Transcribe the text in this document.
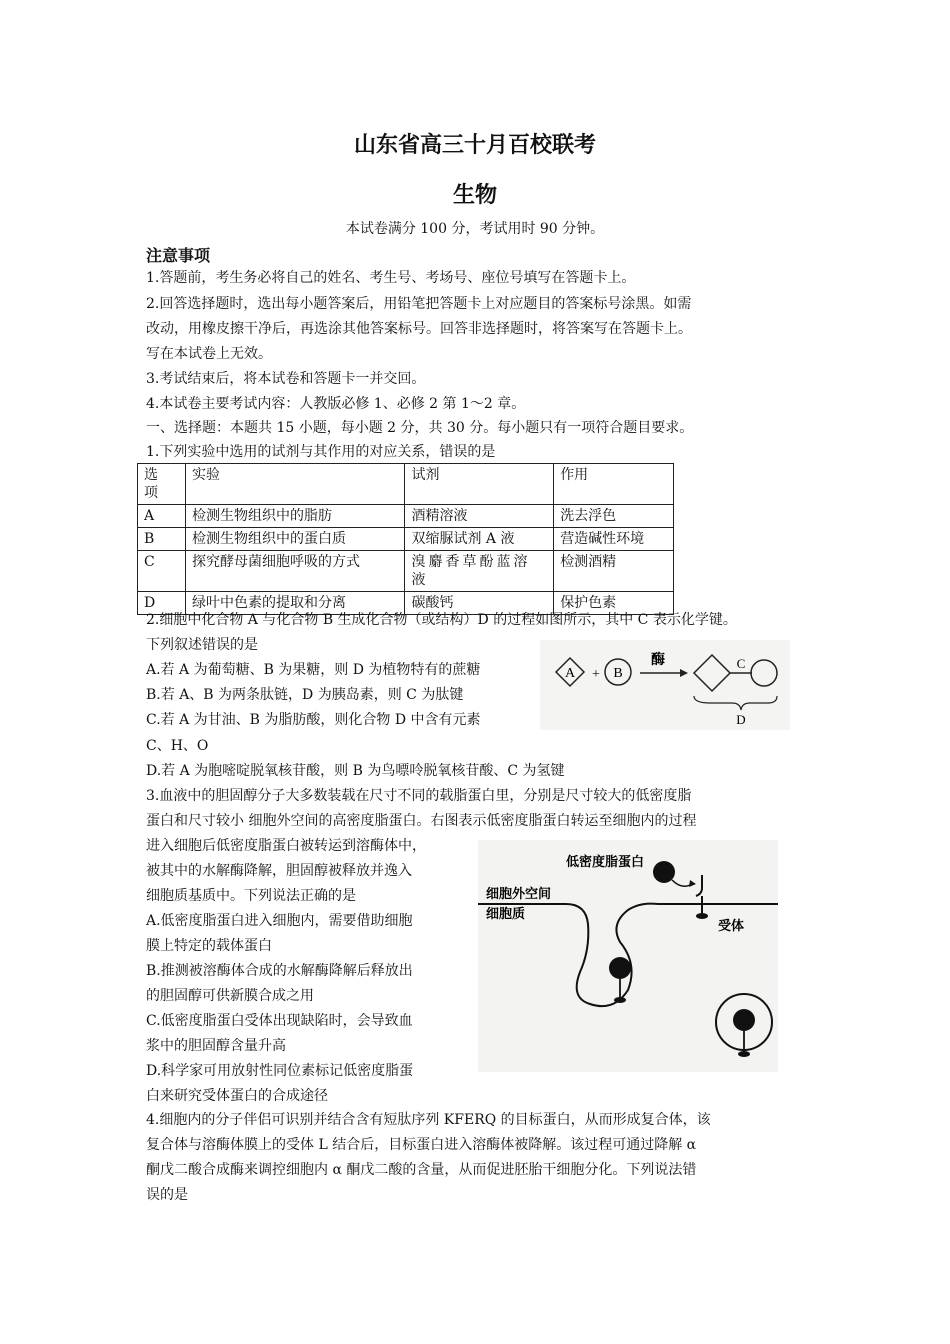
山东省高三十月百校联考
生物
本试卷满分 100 分，考试用时 90 分钟。
注意事项
1.答题前，考生务必将自己的姓名、考生号、考场号、座位号填写在答题卡上。
2.回答选择题时，选出每小题答案后，用铅笔把答题卡上对应题目的答案标号涂黑。如需
改动，用橡皮擦干净后，再选涂其他答案标号。回答非选择题时，将答案写在答题卡上。
写在本试卷上无效。
3.考试结束后，将本试卷和答题卡一并交回。
4.本试卷主要考试内容：人教版必修 1、必修 2 第 1～2 章。
一、选择题：本题共 15 小题，每小题 2 分，共 30 分。每小题只有一项符合题目要求。
1.下列实验中选用的试剂与其作用的对应关系，错误的是
选项	实验	试剂	作用
A	检测生物组织中的脂肪	酒精溶液	洗去浮色
B	检测生物组织中的蛋白质	双缩脲试剂 A 液	营造碱性环境
C	探究酵母菌细胞呼吸的方式	溴麝香草酚蓝溶液	检测酒精
D	绿叶中色素的提取和分离	碳酸钙	保护色素
2.细胞中化合物 A 与化合物 B 生成化合物（或结构）D 的过程如图所示，其中 C 表示化学键。
下列叙述错误的是
A.若 A 为葡萄糖、B 为果糖，则 D 为植物特有的蔗糖
B.若 A、B 为两条肽链，D 为胰岛素，则 C 为肽键
C.若 A 为甘油、B 为脂肪酸，则化合物 D 中含有元素
C、H、O
D.若 A 为胞嘧啶脱氧核苷酸，则 B 为鸟嘌呤脱氧核苷酸、C 为氢键
A + B
酶	C
D
3.血液中的胆固醇分子大多数装载在尺寸不同的载脂蛋白里，分别是尺寸较大的低密度脂
蛋白和尺寸较小 细胞外空间的高密度脂蛋白。右图表示低密度脂蛋白转运至细胞内的过程
进入细胞后低密度脂蛋白被转运到溶酶体中，
被其中的水解酶降解，胆固醇被释放并逸入
细胞质基质中。下列说法正确的是
A.低密度脂蛋白进入细胞内，需要借助细胞
膜上特定的载体蛋白
B.推测被溶酶体合成的水解酶降解后释放出
的胆固醇可供新膜合成之用
C.低密度脂蛋白受体出现缺陷时，会导致血
浆中的胆固醇含量升高
D.科学家可用放射性同位素标记低密度脂蛋
白来研究受体蛋白的合成途径
低密度脂蛋白
细胞外空间
细胞质
受体
4.细胞内的分子伴侣可识别并结合含有短肽序列 KFERQ 的目标蛋白，从而形成复合体，该
复合体与溶酶体膜上的受体 L 结合后，目标蛋白进入溶酶体被降解。该过程可通过降解 α
酮戊二酸合成酶来调控细胞内 α 酮戊二酸的含量，从而促进胚胎干细胞分化。下列说法错
误的是
